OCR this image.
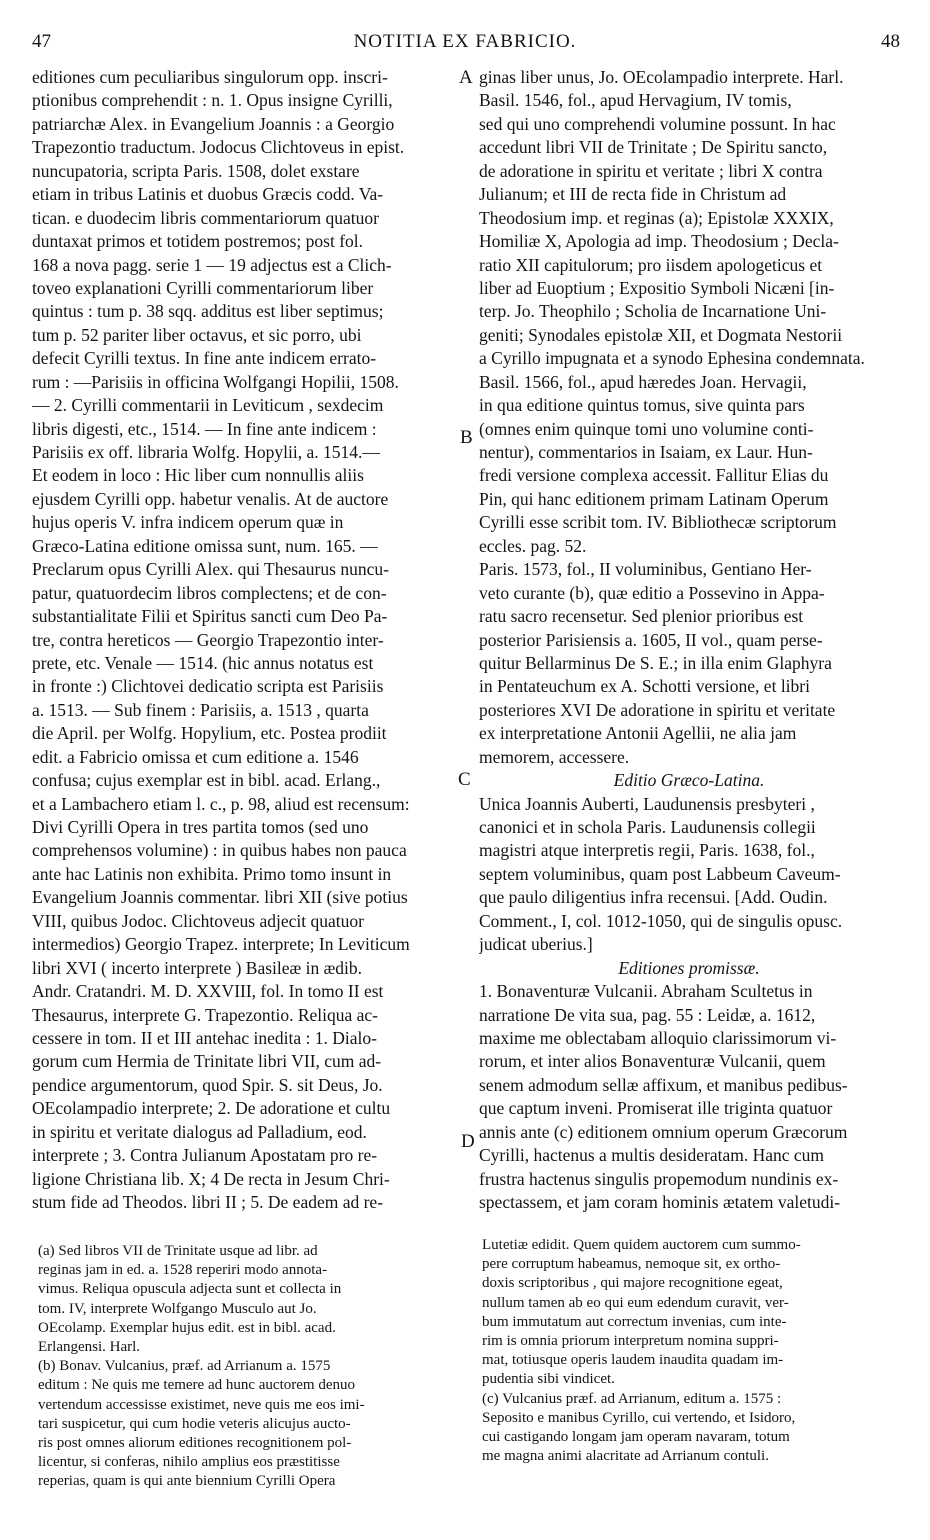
47	NOTITIA EX FABRICIO.	48
editiones cum peculiaribus singulorum opp. inscri-
ptionibus comprehendit : n. 1. Opus insigne Cyrilli,
patriarchæ Alex. in Evangelium Joannis : a Georgio
Trapezontio traductum. Jodocus Clichtoveus in epist.
nuncupatoria, scripta Paris. 1508, dolet exstare
etiam in tribus Latinis et duobus Græcis codd. Va-
tican. e duodecim libris commentariorum quatuor
duntaxat primos et totidem postremos; post fol.
168 a nova pagg. serie 1 — 19 adjectus est a Clich-
toveo explanationi Cyrilli commentariorum liber
quintus : tum p. 38 sqq. additus est liber septimus;
tum p. 52 pariter liber octavus, et sic porro, ubi
defecit Cyrilli textus. In fine ante indicem errato-
rum : —Parisiis in officina Wolfgangi Hopilii, 1508.
— 2. Cyrilli commentarii in Leviticum , sexdecim
libris digesti, etc., 1514. — In fine ante indicem :
Parisiis ex off. libraria Wolfg. Hopylii, a. 1514.—
Et eodem in loco : Hic liber cum nonnullis aliis
ejusdem Cyrilli opp. habetur venalis. At de auctore
hujus operis V. infra indicem operum quæ in
Græco-Latina editione omissa sunt, num. 165. —
Preclarum opus Cyrilli Alex. qui Thesaurus nuncu-
patur, quatuordecim libros complectens; et de con-
substantialitate Filii et Spiritus sancti cum Deo Pa-
tre, contra hereticos — Georgio Trapezontio inter-
prete, etc. Venale — 1514. (hic annus notatus est
in fronte :) Clichtovei dedicatio scripta est Parisiis
a. 1513. — Sub finem : Parisiis, a. 1513 , quarta
die April. per Wolfg. Hopylium, etc. Postea prodiit
edit. a Fabricio omissa et cum editione a. 1546
confusa; cujus exemplar est in bibl. acad. Erlang.,
et a Lambachero etiam l. c., p. 98, aliud est recensum:
Divi Cyrilli Opera in tres partita tomos (sed uno
comprehensos volumine) : in quibus habes non pauca
ante hac Latinis non exhibita. Primo tomo insunt in
Evangelium Joannis commentar. libri XII (sive potius
VIII, quibus Jodoc. Clichtoveus adjecit quatuor
intermedios) Georgio Trapez. interprete; In Leviticum
libri XVI ( incerto interprete ) Basileæ in ædib.
Andr. Cratandri. M. D. XXVIII, fol. In tomo II est
Thesaurus, interprete G. Trapezontio. Reliqua ac-
cessere in tom. II et III antehac inedita : 1. Dialo-
gorum cum Hermia de Trinitate libri VII, cum ad-
pendice argumentorum, quod Spir. S. sit Deus, Jo.
OEcolampadio interprete; 2. De adoratione et cultu
in spiritu et veritate dialogus ad Palladium, eod.
interprete ; 3. Contra Julianum Apostatam pro re-
ligione Christiana lib. X; 4 De recta in Jesum Chri-
stum fide ad Theodos. libri II ; 5. De eadem ad re-
ginas liber unus, Jo. OEcolampadio interprete. Harl.
Basil. 1546, fol., apud Hervagium, IV tomis,
sed qui uno comprehendi volumine possunt. In hac
accedunt libri VII de Trinitate ; De Spiritu sancto,
de adoratione in spiritu et veritate ; libri X contra
Julianum; et III de recta fide in Christum ad
Theodosium imp. et reginas (a); Epistolæ XXXIX,
Homiliæ X, Apologia ad imp. Theodosium ; Decla-
ratio XII capitulorum; pro iisdem apologeticus et
liber ad Euoptium ; Expositio Symboli Nicæni [in-
terp. Jo. Theophilo ; Scholia de Incarnatione Uni-
geniti; Synodales epistolæ XII, et Dogmata Nestorii
a Cyrillo impugnata et a synodo Ephesina condemnata.
Basil. 1566, fol., apud hæredes Joan. Hervagii,
in qua editione quintus tomus, sive quinta pars
(omnes enim quinque tomi uno volumine conti-
nentur), commentarios in Isaiam, ex Laur. Hun-
fredi versione complexa accessit. Fallitur Elias du
Pin, qui hanc editionem primam Latinam Operum
Cyrilli esse scribit tom. IV. Bibliothecæ scriptorum
eccles. pag. 52.
Paris. 1573, fol., II voluminibus, Gentiano Her-
veto curante (b), quæ editio a Possevino in Appa-
ratu sacro recensetur. Sed plenior prioribus est
posterior Parisiensis a. 1605, II vol., quam perse-
quitur Bellarminus De S. E.; in illa enim Glaphyra
in Pentateuchum ex A. Schotti versione, et libri
posteriores XVI De adoratione in spiritu et veritate
ex interpretatione Antonii Agellii, ne alia jam
memorem, accessere.
Editio Græco-Latina.
Unica Joannis Auberti, Laudunensis presbyteri ,
canonici et in schola Paris. Laudunensis collegii
magistri atque interpretis regii, Paris. 1638, fol.,
septem voluminibus, quam post Labbeum Caveum-
que paulo diligentius infra recensui. [Add. Oudin.
Comment., I, col. 1012-1050, qui de singulis opusc.
judicat uberius.]
Editiones promissæ.
1. Bonaventuræ Vulcanii. Abraham Scultetus in
narratione De vita sua, pag. 55 : Leidæ, a. 1612,
maxime me oblectabam alloquio clarissimorum vi-
rorum, et inter alios Bonaventuræ Vulcanii, quem
senem admodum sellæ affixum, et manibus pedibus-
que captum inveni. Promiserat ille triginta quatuor
annis ante (c) editionem omnium operum Græcorum
Cyrilli, hactenus a multis desideratam. Hanc cum
frustra hactenus singulis propemodum nundinis ex-
spectassem, et jam coram hominis ætatem valetudi-
A
B
C
D
(a) Sed libros VII de Trinitate usque ad libr. ad
reginas jam in ed. a. 1528 reperiri modo annota-
vimus. Reliqua opuscula adjecta sunt et collecta in
tom. IV, interprete Wolfgango Musculo aut Jo.
OEcolamp. Exemplar hujus edit. est in bibl. acad.
Erlangensi. Harl.
(b) Bonav. Vulcanius, præf. ad Arrianum a. 1575
editum : Ne quis me temere ad hunc auctorem denuo
vertendum accessisse existimet, neve quis me eos imi-
tari suspicetur, qui cum hodie veteris alicujus aucto-
ris post omnes aliorum editiones recognitionem pol-
licentur, si conferas, nihilo amplius eos præstitisse
reperias, quam is qui ante biennium Cyrilli Opera
Lutetiæ edidit. Quem quidem auctorem cum summo-
pere corruptum habeamus, nemoque sit, ex ortho-
doxis scriptoribus , qui majore recognitione egeat,
nullum tamen ab eo qui eum edendum curavit, ver-
bum immutatum aut correctum invenias, cum inte-
rim is omnia priorum interpretum nomina suppri-
mat, totiusque operis laudem inaudita quadam im-
pudentia sibi vindicet.
(c) Vulcanius præf. ad Arrianum, editum a. 1575 :
Seposito e manibus Cyrillo, cui vertendo, et Isidoro,
cui castigando longam jam operam navaram, totum
me magna animi alacritate ad Arrianum contuli.
